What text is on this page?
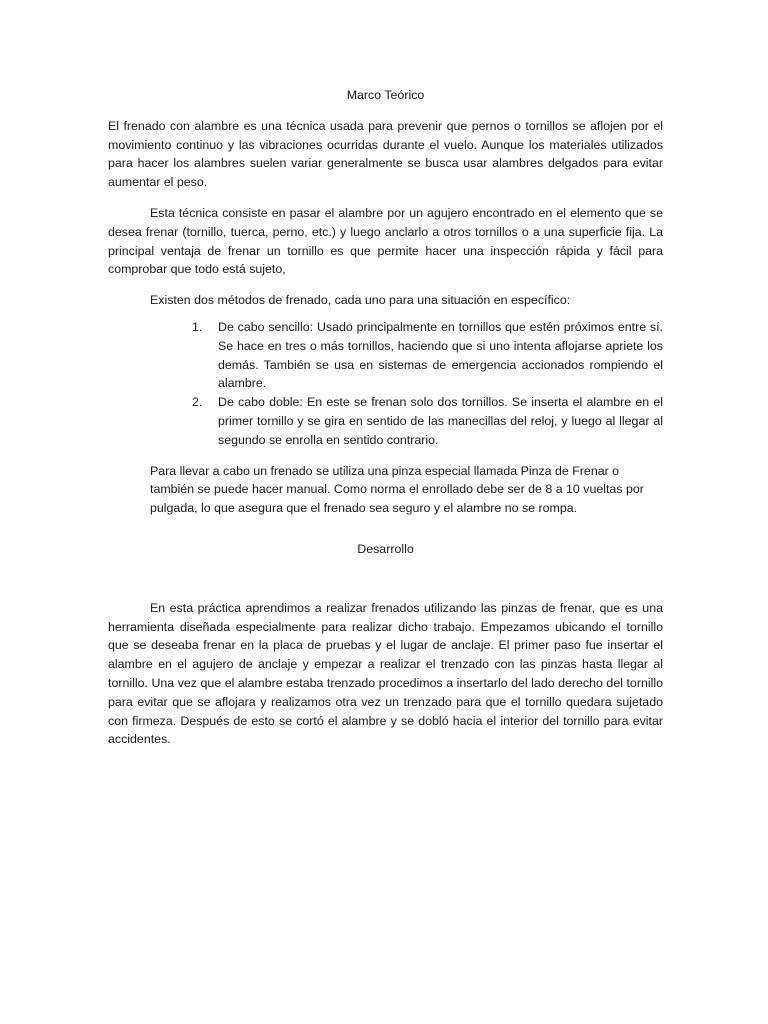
Marco Teórico

El frenado con alambre es una técnica usada para prevenir que pernos o tornillos se aflojen por el movimiento continuo y las vibraciones ocurridas durante el vuelo. Aunque los materiales utilizados para hacer los alambres suelen variar generalmente se busca usar alambres delgados para evitar aumentar el peso.

Esta técnica consiste en pasar el alambre por un agujero encontrado en el elemento que se desea frenar (tornillo, tuerca, perno, etc.) y luego anclarlo a otros tornillos o a una superficie fija. La principal ventaja de frenar un tornillo es que permite hacer una inspección rápida y fácil para comprobar que todo está sujeto,

Existen dos métodos de frenado, cada uno para una situación en específico:

1.	De cabo sencillo: Usado principalmente en tornillos que estén próximos entre sí. Se hace en tres o más tornillos, haciendo que si uno intenta aflojarse apriete los demás. También se usa en sistemas de emergencia accionados rompiendo el alambre.
2.	De cabo doble: En este se frenan solo dos tornillos. Se inserta el alambre en el primer tornillo y se gira en sentido de las manecillas del reloj, y luego al llegar al segundo se enrolla en sentido contrario.

Para llevar a cabo un frenado se utiliza una pinza especial llamada Pinza de Frenar o también se puede hacer manual. Como norma el enrollado debe ser de 8 a 10 vueltas por pulgada, lo que asegura que el frenado sea seguro y el alambre no se rompa.

Desarrollo

En esta práctica aprendimos a realizar frenados utilizando las pinzas de frenar, que es una herramienta diseñada especialmente para realizar dicho trabajo. Empezamos ubicando el tornillo que se deseaba frenar en la placa de pruebas y el lugar de anclaje. El primer paso fue insertar el alambre en el agujero de anclaje y empezar a realizar el trenzado con las pinzas hasta llegar al tornillo. Una vez que el alambre estaba trenzado procedimos a insertarlo del lado derecho del tornillo para evitar que se aflojara y realizamos otra vez un trenzado para que el tornillo quedara sujetado con firmeza. Después de esto se cortó el alambre y se dobló hacia el interior del tornillo para evitar accidentes.
